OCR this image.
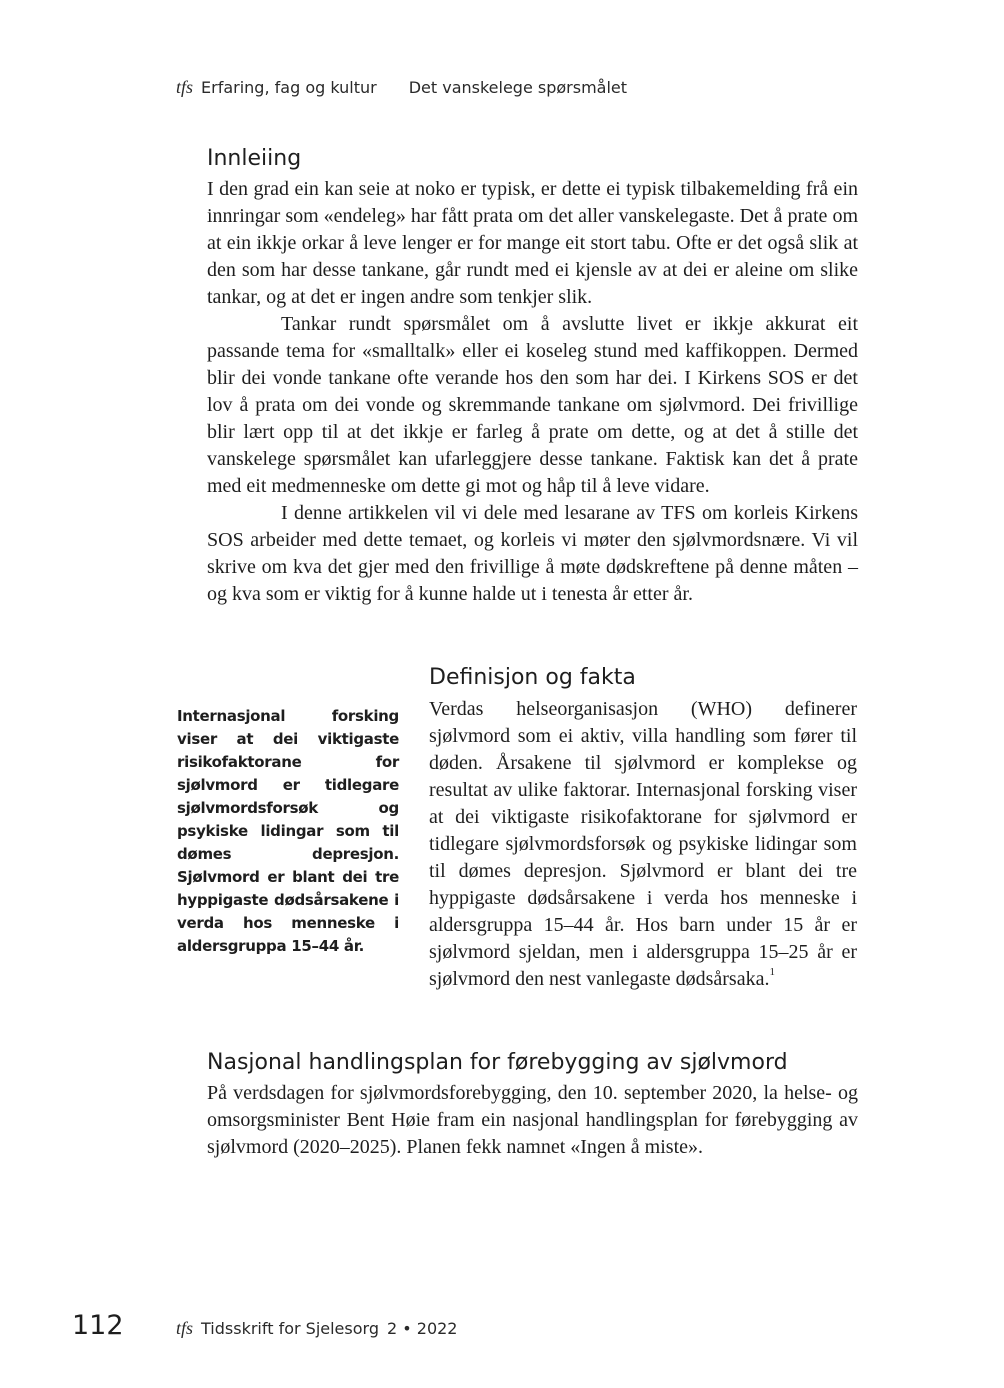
tfs Erfaring, fag og kultur Det vanskelege spørsmålet
Innleiing

I den grad ein kan seie at noko er typisk, er dette ei typisk tilbakemelding frå ein innringar som «endeleg» har fått prata om det aller vanskelegaste. Det å prate om at ein ikkje orkar å leve lenger er for mange eit stort tabu. Ofte er det også slik at den som har desse tankane, går rundt med ei kjensle av at dei er aleine om slike tankar, og at det er ingen andre som tenkjer slik.

Tankar rundt spørsmålet om å avslutte livet er ikkje akkurat eit passande tema for «smalltalk» eller ei koseleg stund med kaffikoppen. Dermed blir dei vonde tankane ofte verande hos den som har dei. I Kirkens SOS er det lov å prata om dei vonde og skremmande tankane om sjølvmord. Dei frivillige blir lært opp til at det ikkje er farleg å prate om dette, og at det å stille det vanskelege spørsmålet kan ufarleggjere desse tankane. Faktisk kan det å prate med eit medmenneske om dette gi mot og håp til å leve vidare.

I denne artikkelen vil vi dele med lesarane av TFS om korleis Kirkens SOS arbeider med dette temaet, og korleis vi møter den sjølvmordsnære. Vi vil skrive om kva det gjer med den frivillige å møte dødskreftene på denne måten – og kva som er viktig for å kunne halde ut i tenesta år etter år.

Definisjon og fakta

Internasjonal forsking viser at dei viktigaste risikofaktorane for sjølvmord er tidlegare sjølvmordsforsøk og psykiske lidingar som til dømes depresjon. Sjølvmord er blant dei tre hyppigaste dødsårsakene i verda hos menneske i aldersgruppa 15–44 år.

Verdas helseorganisasjon (WHO) definerer sjølvmord som ei aktiv, villa handling som fører til døden. Årsakene til sjølvmord er komplekse og resultat av ulike faktorar. Internasjonal forsking viser at dei viktigaste risikofaktorane for sjølvmord er tidlegare sjølvmordsforsøk og psykiske lidingar som til dømes depresjon. Sjølvmord er blant dei tre hyppigaste dødsårsakene i verda hos menneske i aldersgruppa 15–44 år. Hos barn under 15 år er sjølvmord sjeldan, men i aldersgruppa 15–25 år er sjølvmord den nest vanlegaste dødsårsaka.$^1$

Nasjonal handlingsplan for førebygging av sjølvmord

På verdsdagen for sjølvmordsforebygging, den 10. september 2020, la helse- og omsorgsminister Bent Høie fram ein nasjonal handlingsplan for førebygging av sjølvmord (2020–2025). Planen fekk namnet «Ingen å miste».

112	tfs Tidsskrift for Sjelesorg 2 • 2022
